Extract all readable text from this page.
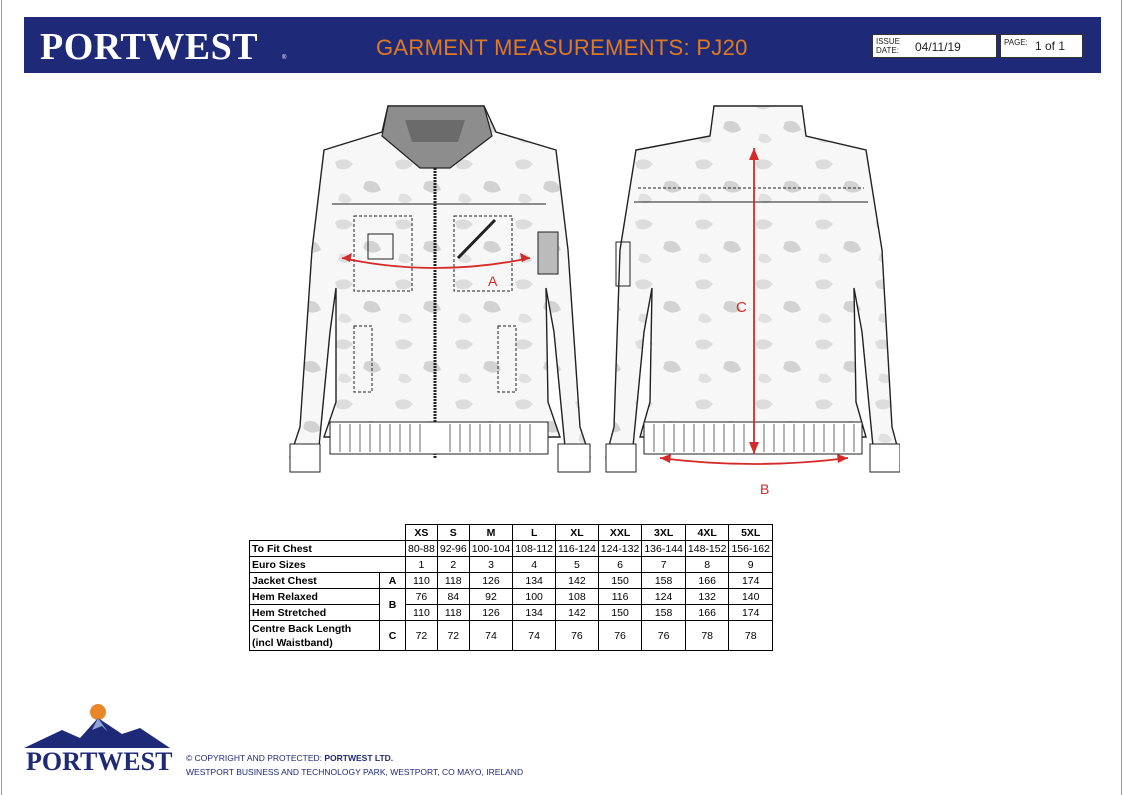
PORTWEST	®	GARMENT MEASUREMENTS: PJ20	ISSUE
DATE: 04/11/19	PAGE: 1 of 1
A
C
B
		XS	S	M	L	XL	XXL	3XL	4XL	5XL
To Fit Chest		80-88	92-96	100-104	108-112	116-124	124-132	136-144	148-152	156-162
Euro Sizes		1	2	3	4	5	6	7	8	9
Jacket Chest	A	110	118	126	134	142	150	158	166	174
Hem Relaxed	B	76	84	92	100	108	116	124	132	140
Hem Stretched		110	118	126	134	142	150	158	166	174
Centre Back Length
(incl Waistband)	C	72	72	74	74	76	76	76	78	78
PORTWEST © COPYRIGHT AND PROTECTED: PORTWEST LTD.
WESTPORT BUSINESS AND TECHNOLOGY PARK, WESTPORT, CO MAYO, IRELAND
